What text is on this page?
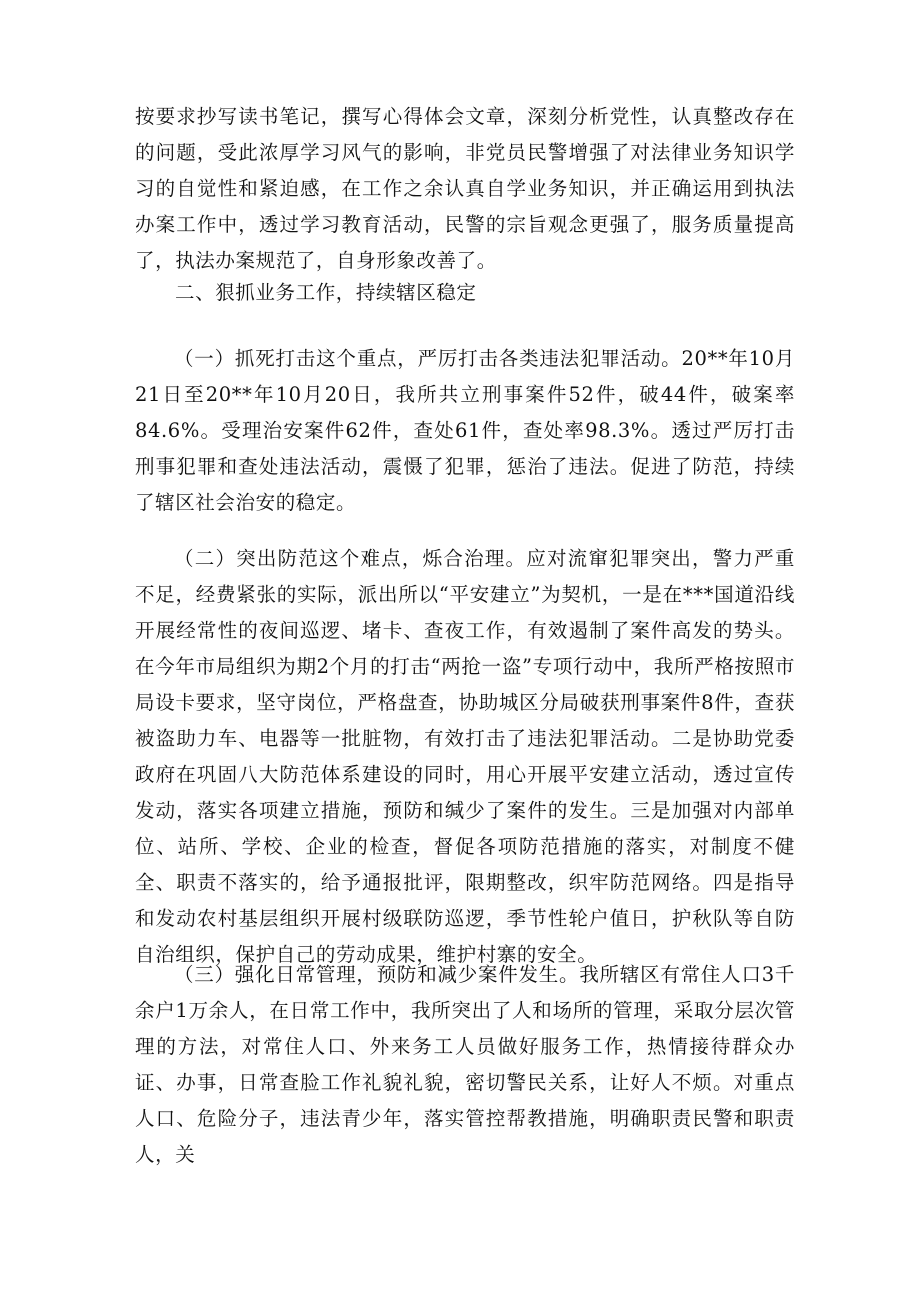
按要求抄写读书笔记，撰写心得体会文章，深刻分析党性，认真整改存在的问题，受此浓厚学习风气的影响，非党员民警增强了对法律业务知识学习的自觉性和紧迫感，在工作之余认真自学业务知识，并正确运用到执法办案工作中，透过学习教育活动，民警的宗旨观念更强了，服务质量提高了，执法办案规范了，自身形象改善了。

二、狠抓业务工作，持续辖区稳定

（一）抓死打击这个重点，严厉打击各类违法犯罪活动。20**年10月21日至20**年10月20日，我所共立刑事案件52件，破44件，破案率84.6%。受理治安案件62件，查处61件，查处率98.3%。透过严厉打击刑事犯罪和查处违法活动，震慑了犯罪，惩治了违法。促进了防范，持续了辖区社会治安的稳定。

（二）突出防范这个难点，烁合治理。应对流窜犯罪突出，警力严重不足，经费紧张的实际，派出所以“平安建立”为契机，一是在***国道沿线开展经常性的夜间巡逻、堵卡、查夜工作，有效遏制了案件高发的势头。在今年市局组织为期2个月的打击“两抢一盗”专项行动中，我所严格按照市局设卡要求，坚守岗位，严格盘查，协助城区分局破获刑事案件8件，查获被盗助力车、电器等一批脏物，有效打击了违法犯罪活动。二是协助党委政府在巩固八大防范体系建设的同时，用心开展平安建立活动，透过宣传发动，落实各项建立措施，预防和缄少了案件的发生。三是加强对内部单位、站所、学校、企业的检查，督促各项防范措施的落实，对制度不健全、职责不落实的，给予通报批评，限期整改，织牢防范网络。四是指导和发动农村基层组织开展村级联防巡逻，季节性轮户值日，护秋队等自防自治组织，保护自己的劳动成果，维护村寨的安全。

（三）强化日常管理，预防和减少案件发生。我所辖区有常住人口3千余户1万余人，在日常工作中，我所突出了人和场所的管理，采取分层次管理的方法，对常住人口、外来务工人员做好服务工作，热情接待群众办证、办事，日常查脸工作礼貌礼貌，密切警民关系，让好人不烦。对重点人口、危险分子，违法青少年，落实管控帮教措施，明确职责民警和职责人，关
